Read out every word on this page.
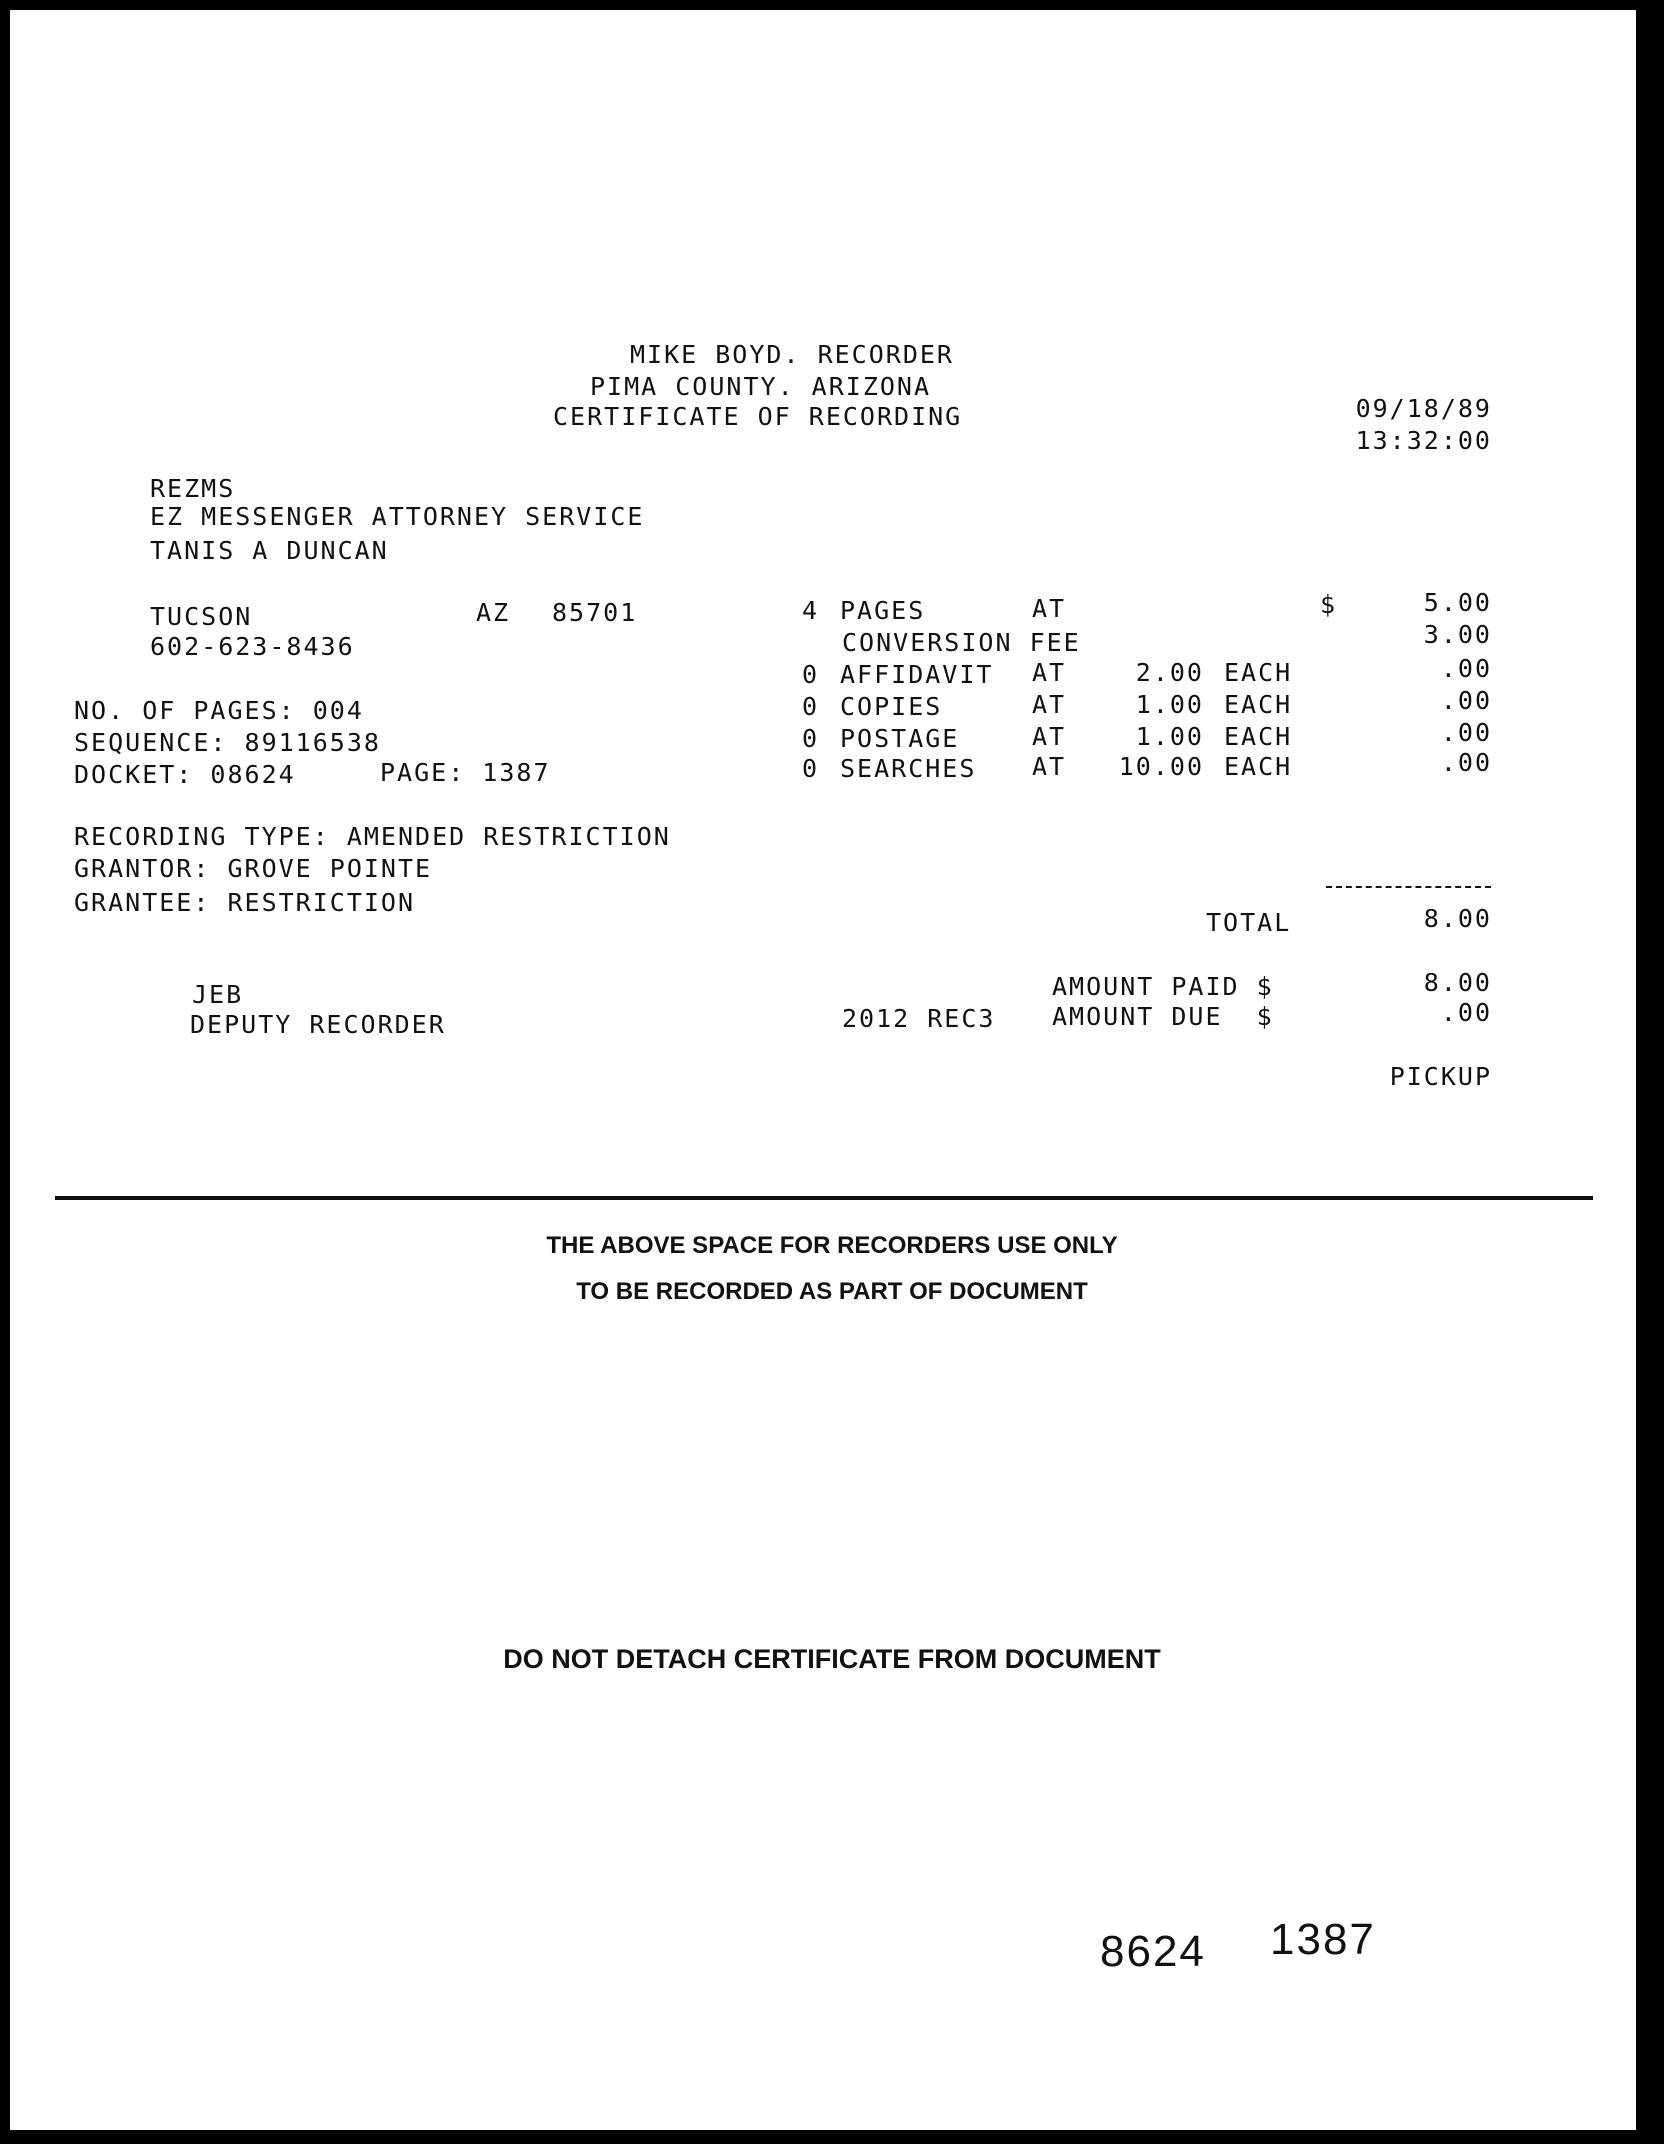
MIKE BOYD. RECORDER
PIMA COUNTY. ARIZONA
CERTIFICATE OF RECORDING	09/18/89
13:32:00
REZMS
EZ MESSENGER ATTORNEY SERVICE
TANIS A DUNCAN
TUCSON	AZ 85701
602-623-8436
NO. OF PAGES: 004
SEQUENCE: 89116538
DOCKET: 08624	PAGE: 1387
RECORDING TYPE: AMENDED RESTRICTION
GRANTOR: GROVE POINTE
GRANTEE: RESTRICTION
4 PAGES	AT	$	5.00
CONVERSION FEE	3.00
0 AFFIDAVIT AT	2.00 EACH	.00
0 COPIES	AT	1.00 EACH	.00
0 POSTAGE	AT	1.00 EACH	.00
0 SEARCHES AT	10.00 EACH	.00
TOTAL	8.00
AMOUNT PAID $	8.00
2012 REC3 AMOUNT DUE  $	.00
PICKUP
JEB
DEPUTY RECORDER
THE ABOVE SPACE FOR RECORDERS USE ONLY
TO BE RECORDED AS PART OF DOCUMENT
DO NOT DETACH CERTIFICATE FROM DOCUMENT
8624 1387
